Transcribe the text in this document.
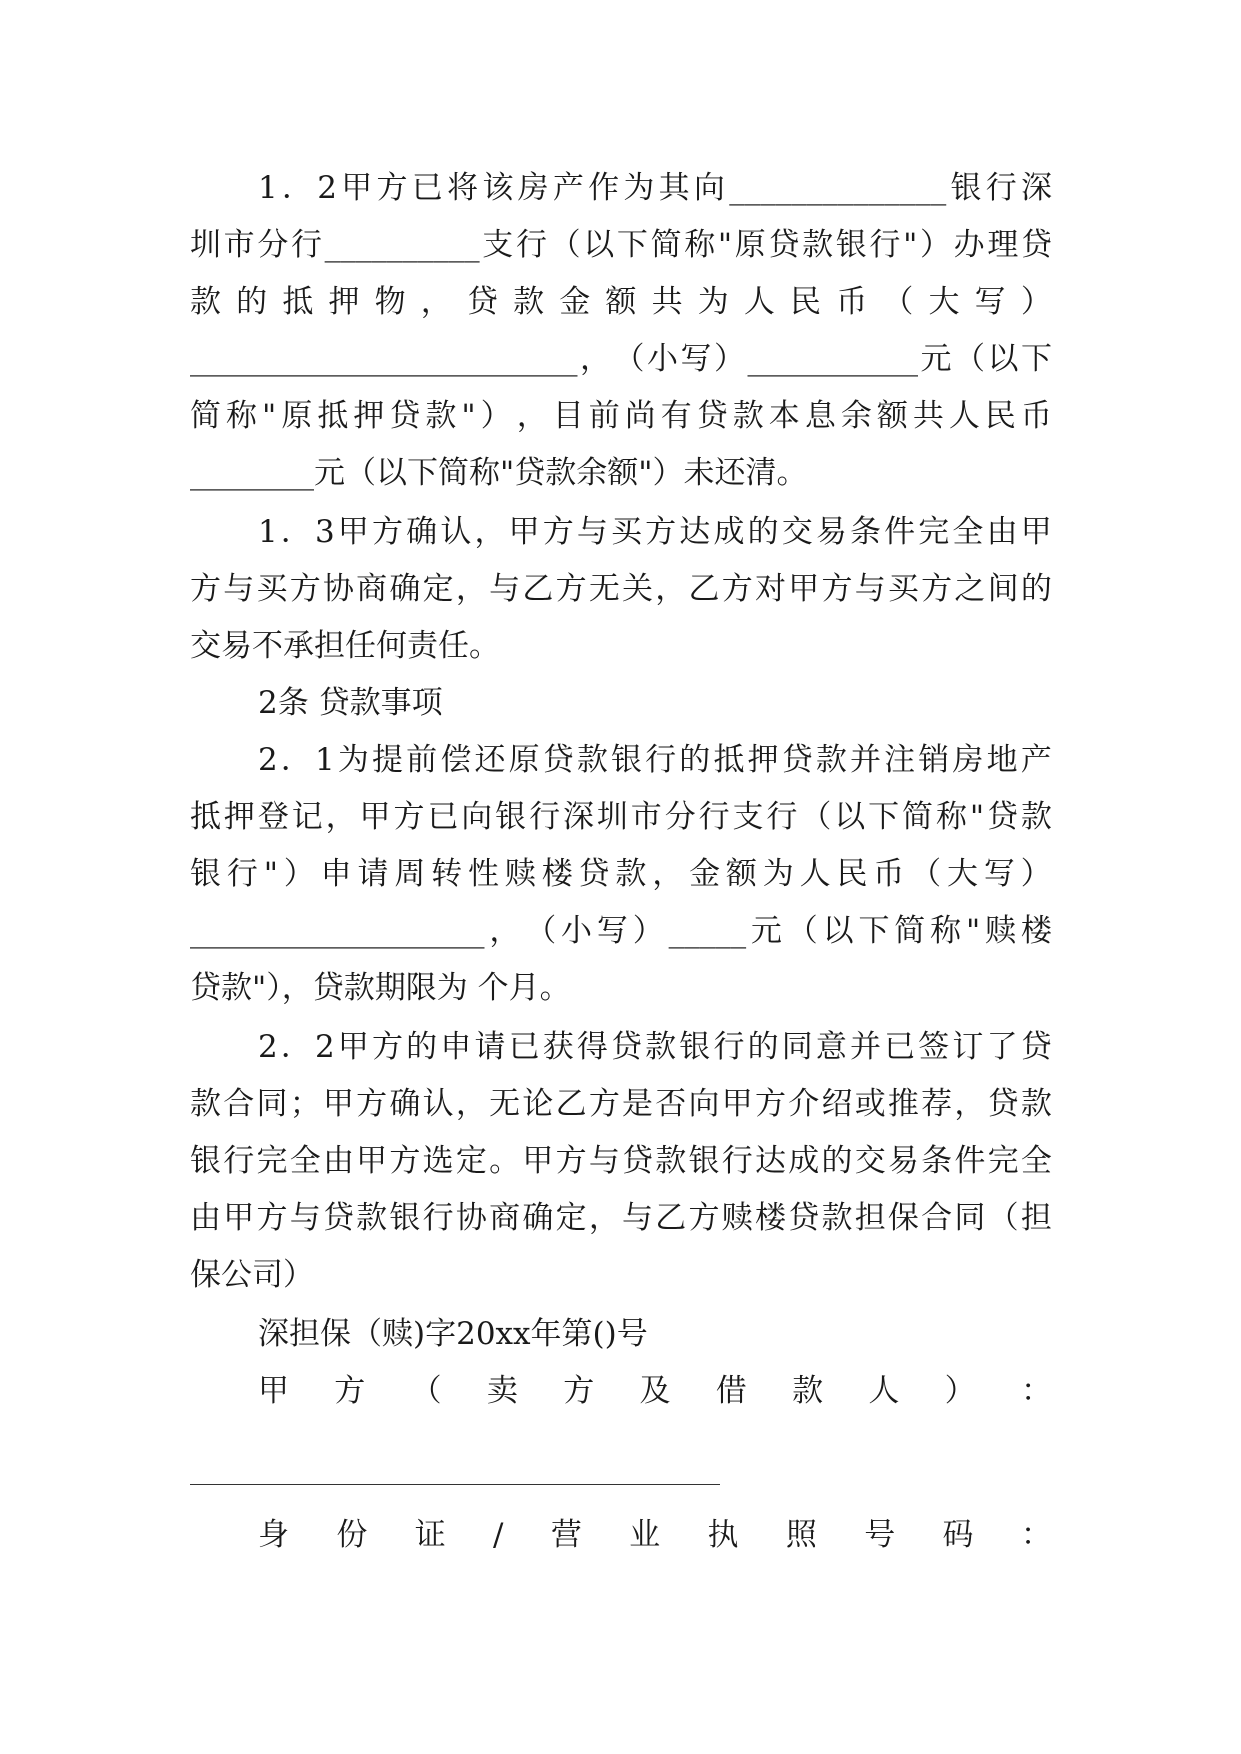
1 ． 2 甲 方 已 将 该 房 产 作 为 其 向 ______________ 银 行 深
圳 市 分 行 __________ 支 行 （ 以 下 简 称 " 原 贷 款 银 行 " ） 办 理 贷
款 的 抵 押 物 ， 贷 款 金 额 共 为 人 民 币 （ 大 写 ）
_________________________ ， （ 小 写 ） ___________ 元 （ 以 下
简 称 " 原 抵 押 贷 款 " ） ， 目 前 尚 有 贷 款 本 息 余 额 共 人 民 币
________元（以下简称"贷款余额"）未还清。
1 ． 3 甲 方 确 认 ， 甲 方 与 买 方 达 成 的 交 易 条 件 完 全 由 甲
方 与 买 方 协 商 确 定 ， 与 乙 方 无 关 ， 乙 方 对 甲 方 与 买 方 之 间 的
交易不承担任何责任。
2条 贷款事项
2 ． 1 为 提 前 偿 还 原 贷 款 银 行 的 抵 押 贷 款 并 注 销 房 地 产
抵 押 登 记 ， 甲 方 已 向 银 行 深 圳 市 分 行 支 行 （ 以 下 简 称 " 贷 款
银 行 " ） 申 请 周 转 性 赎 楼 贷 款 ， 金 额 为 人 民 币 （ 大 写 ）
___________________ ， （ 小 写 ） _____ 元 （ 以 下 简 称 " 赎 楼
贷款"），贷款期限为 个月。
2 ． 2 甲 方 的 申 请 已 获 得 贷 款 银 行 的 同 意 并 已 签 订 了 贷
款 合 同 ； 甲 方 确 认 ， 无 论 乙 方 是 否 向 甲 方 介 绍 或 推 荐 ， 贷 款
银 行 完 全 由 甲 方 选 定 。 甲 方 与 贷 款 银 行 达 成 的 交 易 条 件 完 全
由 甲 方 与 贷 款 银 行 协 商 确 定 ， 与 乙 方 赎 楼 贷 款 担 保 合 同 （ 担
保公司）
深担保（赎)字20xx年第()号
甲 方 （ 卖 方 及 借 款 人 ） ：
身 份 证 / 营 业 执 照 号 码 ：
